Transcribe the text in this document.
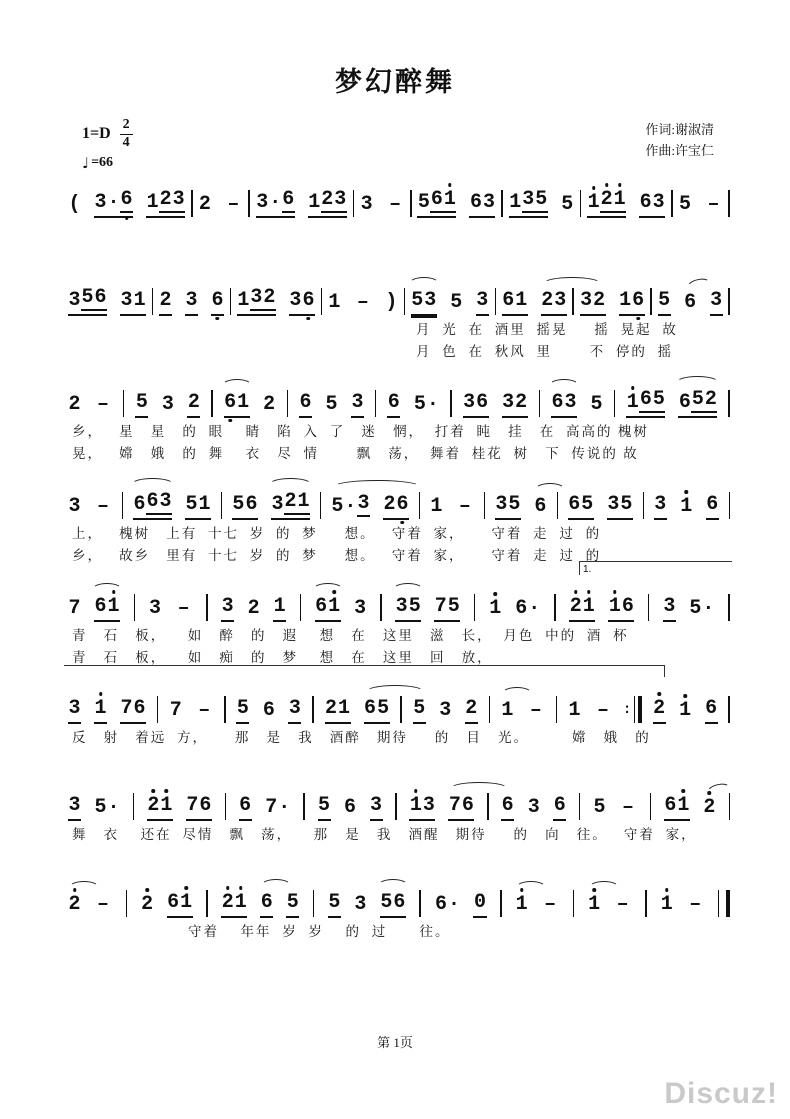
梦幻醉舞
1=D
2
4
♩ =66
作词:谢淑清
作曲:许宝仁
( 3 · 6 1 2 3 2 – 3 · 6 1 2 3 3 – 5 6 1 6 3 1 3 5 5 1 2 1 6 3 5 –
3 5 6 3 1 2 3 6 1 3 2 3 6 1 – ) 5 3 5 3 6 1 2 3 3 2 1 6 5 6 3
月  光  在  酒里  摇晃     摇  晃起  故
月  色  在  秋风  里       不  停的  摇
2 – 5 3 2 6 1 2 6 5 3 6 5 · 3 6 3 2 6 3 5 1 6 5 6 5 2
乡，   星   星   的  眼    睛   陷  入  了   迷   惘，  打着  盹   挂   在  高高的 槐树
晃，   嫦   娥   的  舞    衣   尽  情       飘   荡，  舞着  桂花  树   下  传说的 故
3 – 6 6 3 5 1 5 6 3 2 1 5 · 3 2 6 1 – 3 5 6 6 5 3 5 3 1 6
上，   槐树   上有  十七  岁  的  梦     想。   守着  家，     守着  走  过  的
乡，   故乡   里有  十七  岁  的  梦     想。   守着  家，     守着  走  过  的
1.
7 6 1 3 – 3 2 1 6 1 3 3 5 7 5 1 6 · 2 1 1 6 3 5 ·
青   石   板，    如   醉   的   遐    想   在   这里   滋   长，  月色  中的  酒  杯
青   石   板，    如   痴   的   梦    想   在   这里   回   放，
3 1 7 6 7 – 5 6 3 2 1 6 5 5 3 2 1 – 1 – : 2 1 6
反   射   着远  方，     那   是   我   酒醉   期待     的   目   光。        嫦   娥   的
3 5 · 2 1 7 6 6 7 · 5 6 3 1 3 7 6 6 3 6 5 – 6 1 2
舞   衣    还在  尽情   飘   荡，    那   是   我   酒醒   期待     的   向   往。   守着  家，
2 – 2 6 1 2 1 6 5 5 3 5 6 6 · 0 1 – 1 – 1 –
守着    年年  岁  岁    的  过      往。
第 1页
Discuz!
